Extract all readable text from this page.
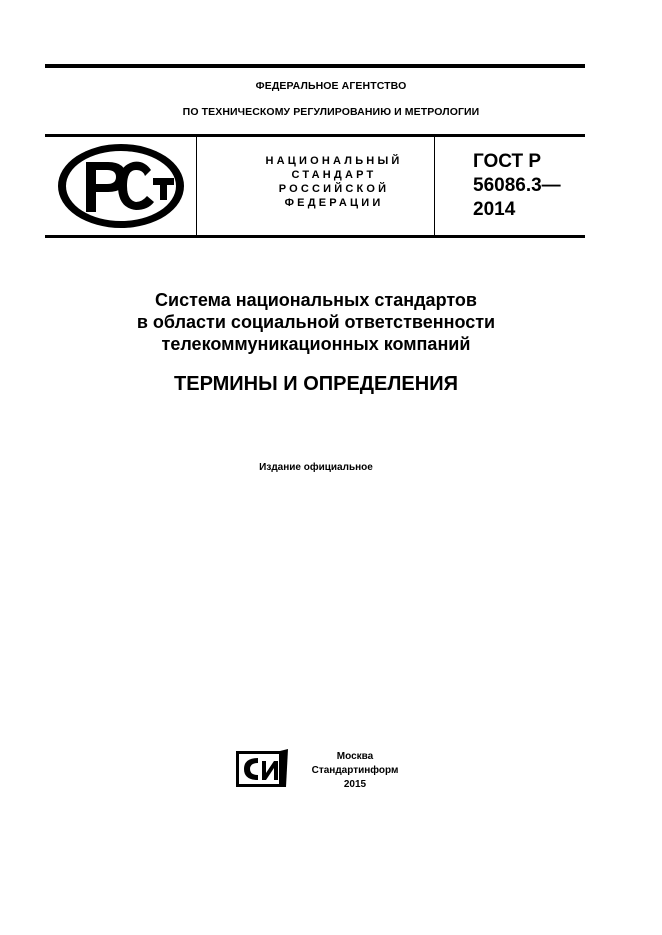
ФЕДЕРАЛЬНОЕ АГЕНТСТВО
ПО ТЕХНИЧЕСКОМУ РЕГУЛИРОВАНИЮ И МЕТРОЛОГИИ
НАЦИОНАЛЬНЫЙ
СТАНДАРТ
РОССИЙСКОЙ
ФЕДЕРАЦИИ
ГОСТ Р
56086.3—
2014
Система национальных стандартов
в области социальной ответственности
телекоммуникационных компаний
ТЕРМИНЫ И ОПРЕДЕЛЕНИЯ
Издание официальное
Москва
Стандартинформ
2015
